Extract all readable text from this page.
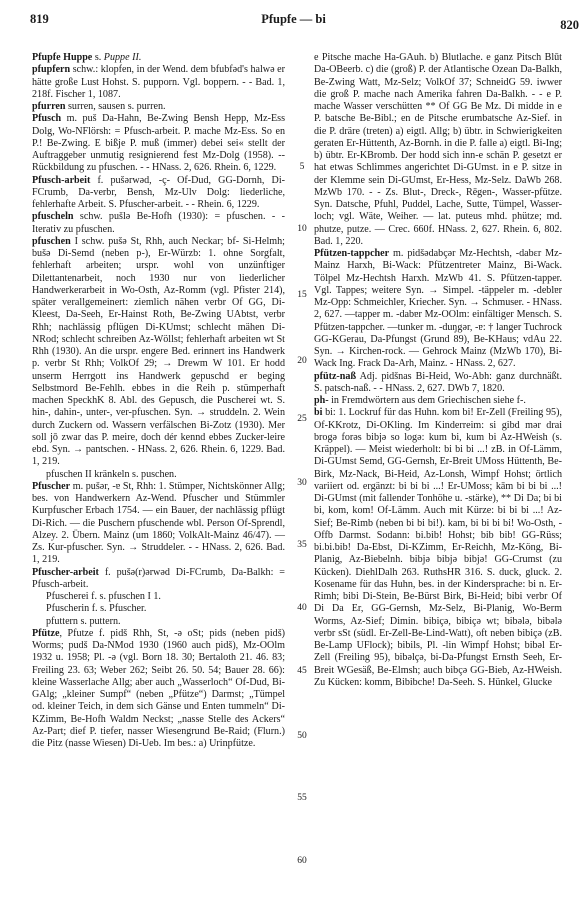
819	Pfupfe — bi	820

Pfupfe Huppe s. Puppe II.

pfupfern schw.: klopfen, in der Wend. dem bfubfəd's halwə er hätte große Lust Hohst. S. pupporn. Vgl. boppern. - - Bad. 1, 218f. Fischer 1, 1087.

pfurren surren, sausen s. purren.

Pfusch m. puš Da-Hahn, Be-Zwing Bensh Hepp, Mz-Ess Dolg, Wo-NFlörsh: = Pfusch-arbeit. P. mache Mz-Ess. So en P.! Be-Zwing. E bißje P. muß (immer) debei sei« stellt der Auftraggeber unmutig resignierend fest Mz-Dolg (1958). -- Rückbildung zu pfuschen. - - HNass. 2, 626. Rhein. 6, 1229.

Pfusch-arbeit f. pušərwəd, -ç- Of-Dud, GG-Dornh, Di-FCrumb, Da-verbr, Bensh, Mz-Ulv Dolg: liederliche, fehlerhafte Arbeit. S. Pfuscher-arbeit. - - Rhein. 6, 1229.

pfuscheln schw. pušlə Be-Hofh (1930): = pfuschen. - - Iterativ zu pfuschen.

pfuschen I schw. pušə St, Rhh, auch Neckar; bf- Si-Helmh; bušə Di-Semd (neben p-), Er-Würzb: 1. ohne Sorgfalt, fehlerhaft arbeiten; urspr. wohl von unzünftiger Dilettantenarbeit, noch 1930 nur von liederlicher Handwerkerarbeit in Wo-Osth, Az-Romm (vgl. Pfister 214), später verallgemeinert: ziemlich nähen verbr Of GG, Di-Kleest, Da-Seeh, Er-Hainst Roth, Be-Zwing UAbtst, verbr Rhh; nachlässig pflügen Di-KUmst; schlecht mähen Di-NRod; schlecht schreiben Az-Wöllst; fehlerhaft arbeiten wt St Rhh (1930). An die urspr. engere Bed. erinnert ins Handwerk p. verbr St Rhh; VolkOf 29; → Drewm W 101. Er hodd unserm Herrgott ins Handwerk gepuschd er beging Selbstmord Be-Fehlh. ebbes in die Reih p. stümperhaft machen SpeckhK 8. Abl. des Gepusch, die Puscherei wt. S. hin-, dahin-, unter-, ver-pfuschen. Syn. → struddeln. 2. Wein durch Zuckern od. Wassern verfälschen Bi-Zotz (1930). Mer soll jō zwar das P. meire, doch dér kennd ebbes Zucker-leire ebd. Syn. → pantschen. - HNass. 2, 626. Rhein. 6, 1229. Bad. 1, 219.

pfuschen II kränkeln s. puschen.

Pfuscher m. pušər, -ɐ St, Rhh: 1. Stümper, Nichtskönner Allg; bes. von Handwerkern Az-Wend. Pfuscher und Stümmler Kurpfuscher Erbach 1754. — ein Bauer, der nachlässig pflügt Di-Rich. — die Puschern pfuschende wbl. Person Of-Sprendl, Alzey. 2. Übern. Mainz (um 1860; VolkAlt-Mainz 46/47). — Zs. Kur-pfuscher. Syn. → Struddeler. - - HNass. 2, 626. Bad. 1, 219.

Pfuscher-arbeit f. pušə(r)ərwəd Di-FCrumb, Da-Balkh: = Pfusch-arbeit.

Pfuscherei f. s. pfuschen I 1.

Pfuscherin f. s. Pfuscher.

pfuttern s. puttern.

Pfütze, Pfutze f. pidš Rhh, St, -ə oSt; pids (neben pidš) Worms; pudš Da-NMod 1930 (1960 auch pidš), Mz-OOlm 1932 u. 1958; Pl. -ə (vgl. Born 18. 30; Bertaloth 21. 46. 83; Freiling 23. 63; Weber 262; Seibt 26. 50. 54; Bauer 28. 66): kleine Wasserlache Allg; aber auch „Wasserloch“ Of-Dud, Bi-GAlg; „kleiner Sumpf“ (neben „Pfütze“) Darmst; „Tümpel od. kleiner Teich, in dem sich Gänse und Enten tummeln“ Di-KZimm, Be-Hofh Waldm Neckst; „nasse Stelle des Ackers“ Az-Part; dief P. tiefer, nasser Wiesengrund Be-Raid; (Flurn.) die Pitz (nasse Wiesen) Di-Ueb. Im bes.: a) Urinpfütze.

e Pitsche mache Ha-GAuh. b) Blutlache. e ganz Pitsch Blūt Da-OBeerb. c) die (groß) P. der Atlantische Ozean Da-Balkh, Be-Zwing Watt, Mz-Selz; VolkOf 37; SchneidG 59. iwwer die groß P. mache nach Amerika fahren Da-Balkh. - - e P. mache Wasser verschütten ** Of GG Be Mz. Di midde in e P. batsche Be-Bibl.; en de Pitsche erumbatsche Az-Sief. in die P. dräre (treten) a) eigtl. Allg; b) übtr. in Schwierigkeiten geraten Er-Hüttenth, Az-Bornh. in die P. falle a) eigtl. Bi-Ing; b) übtr. Er-KBromb. Der hodd sich inn-e schän P. gesetzt er hat etwas Schlimmes angerichtet Di-GUmst. in e P. sitze in der Klemme sein Di-GUmst, Er-Hess, Mz-Selz. DaWb 268. MzWb 170. - - Zs. Blut-, Dreck-, Rēgen-, Wasser-pfütze. Syn. Datsche, Pfuhl, Puddel, Lache, Sutte, Tümpel, Wasser-loch; vgl. Wäte, Weiher. — lat. puteus mhd. phütze; md. phutze, putze. — Crec. 660f. HNass. 2, 627. Rhein. 6, 802. Bad. 1, 220.

Pfützen-tappcher m. pidšədabçər Mz-Hechtsh, -dabɛr Mz-Mainz Harxh, Bi-Wack: Pfützentreter Mainz, Bi-Wack. Tölpel Mz-Hechtsh Harxh. MzWb 41. S. Pfützen-tapper. Vgl. Tappes; weitere Syn. → Simpel. -täppeler m. -deblɐr Mz-Opp: Schmeichler, Kriecher. Syn. → Schmuser. - HNass. 2, 627. —tapper m. -dabɐr Mz-OOlm: einfältiger Mensch. S. Pfützen-tappcher. —tunker m. -duŋgər, -ɐ: † langer Tuchrock GG-KGerau, Da-Pfungst (Grund 89), Be-KHaus; vdAu 22. Syn. → Kirchen-rock. — Gehrock Mainz (MzWb 170), Bi-Wack Ing. Frack Da-Arh, Mainz. - HNass. 2, 627.

pfütz-naß Adj. pidšnas Bi-Heid, Wo-Abh: ganz durchnäßt. S. patsch-naß. - - HNass. 2, 627. DWb 7, 1820.

ph- in Fremdwörtern aus dem Griechischen siehe f-.

bi bi: 1. Lockruf für das Huhn. kom bi! Er-Zell (Freiling 95), Of-KKrotz, Di-OKling. Im Kinderreim: si gibd mər drai brogə forəs bibjə so logə: kum bi, kum bi Az-HWeish (s. Kräppel). — Meist wiederholt: bi bi bi ...! zB. in Of-Lämm, Di-GUmst Semd, GG-Gernsh, Er-Breit UMoss Hüttenth, Be-Birk, Mz-Nack, Bi-Heid, Az-Lonsh, Wimpf Hohst; örtlich variiert od. ergänzt: bi bi bi ...! Er-UMoss; kām bi bi bi ...! Di-GUmst (mit fallender Tonhöhe u. -stärke), ** Di Da; bi bi bi, kom, kom! Of-Lämm. Auch mit Kürze: bi bi bi ...! Az-Sief; Be-Rimb (neben bi bi bi!). kam, bi bi bi bi! Wo-Osth, - Offb Darmst. Sodann: bi.bib! Hohst; bib bib! GG-Rüss; bi.bi.bib! Da-Ebst, Di-KZimm, Er-Reichh, Mz-Köng, Bi-Planig, Az-Biebelnh. bibjə bibjə bibjə! GG-Crumst (zu Kücken). DiehlDalh 263. RuthsHR 316. S. duck, gluck. 2. Kosename für das Huhn, bes. in der Kindersprache: bi n. Er-Rimh; bibi Di-Stein, Be-Bürst Birk, Bi-Heid; bibi verbr Of Di Da Er, GG-Gernsh, Mz-Selz, Bi-Planig, Wo-Berm Worms, Az-Sief; Dimin. bibiçə, bibiçə wt; bibələ, bibələ verbr sSt (südl. Er-Zell-Be-Lind-Watt), oft neben bibiçə (zB. Be-Lamp UFlock); bibils, Pl. -lin Wimpf Hohst; bibəl Er-Zell (Freiling 95), bibəlçə, bi-Da-Pfungst Ernsth Seeh, Er-Breit WGesäß, Be-Elmsh; auch bibçə GG-Bieb, Az-HWeish. Zu Kücken: komm, Bibibche! Da-Seeh. S. Hünkel, Glucke

5
10
15
20
25
30
35
40
45
50
55
60
